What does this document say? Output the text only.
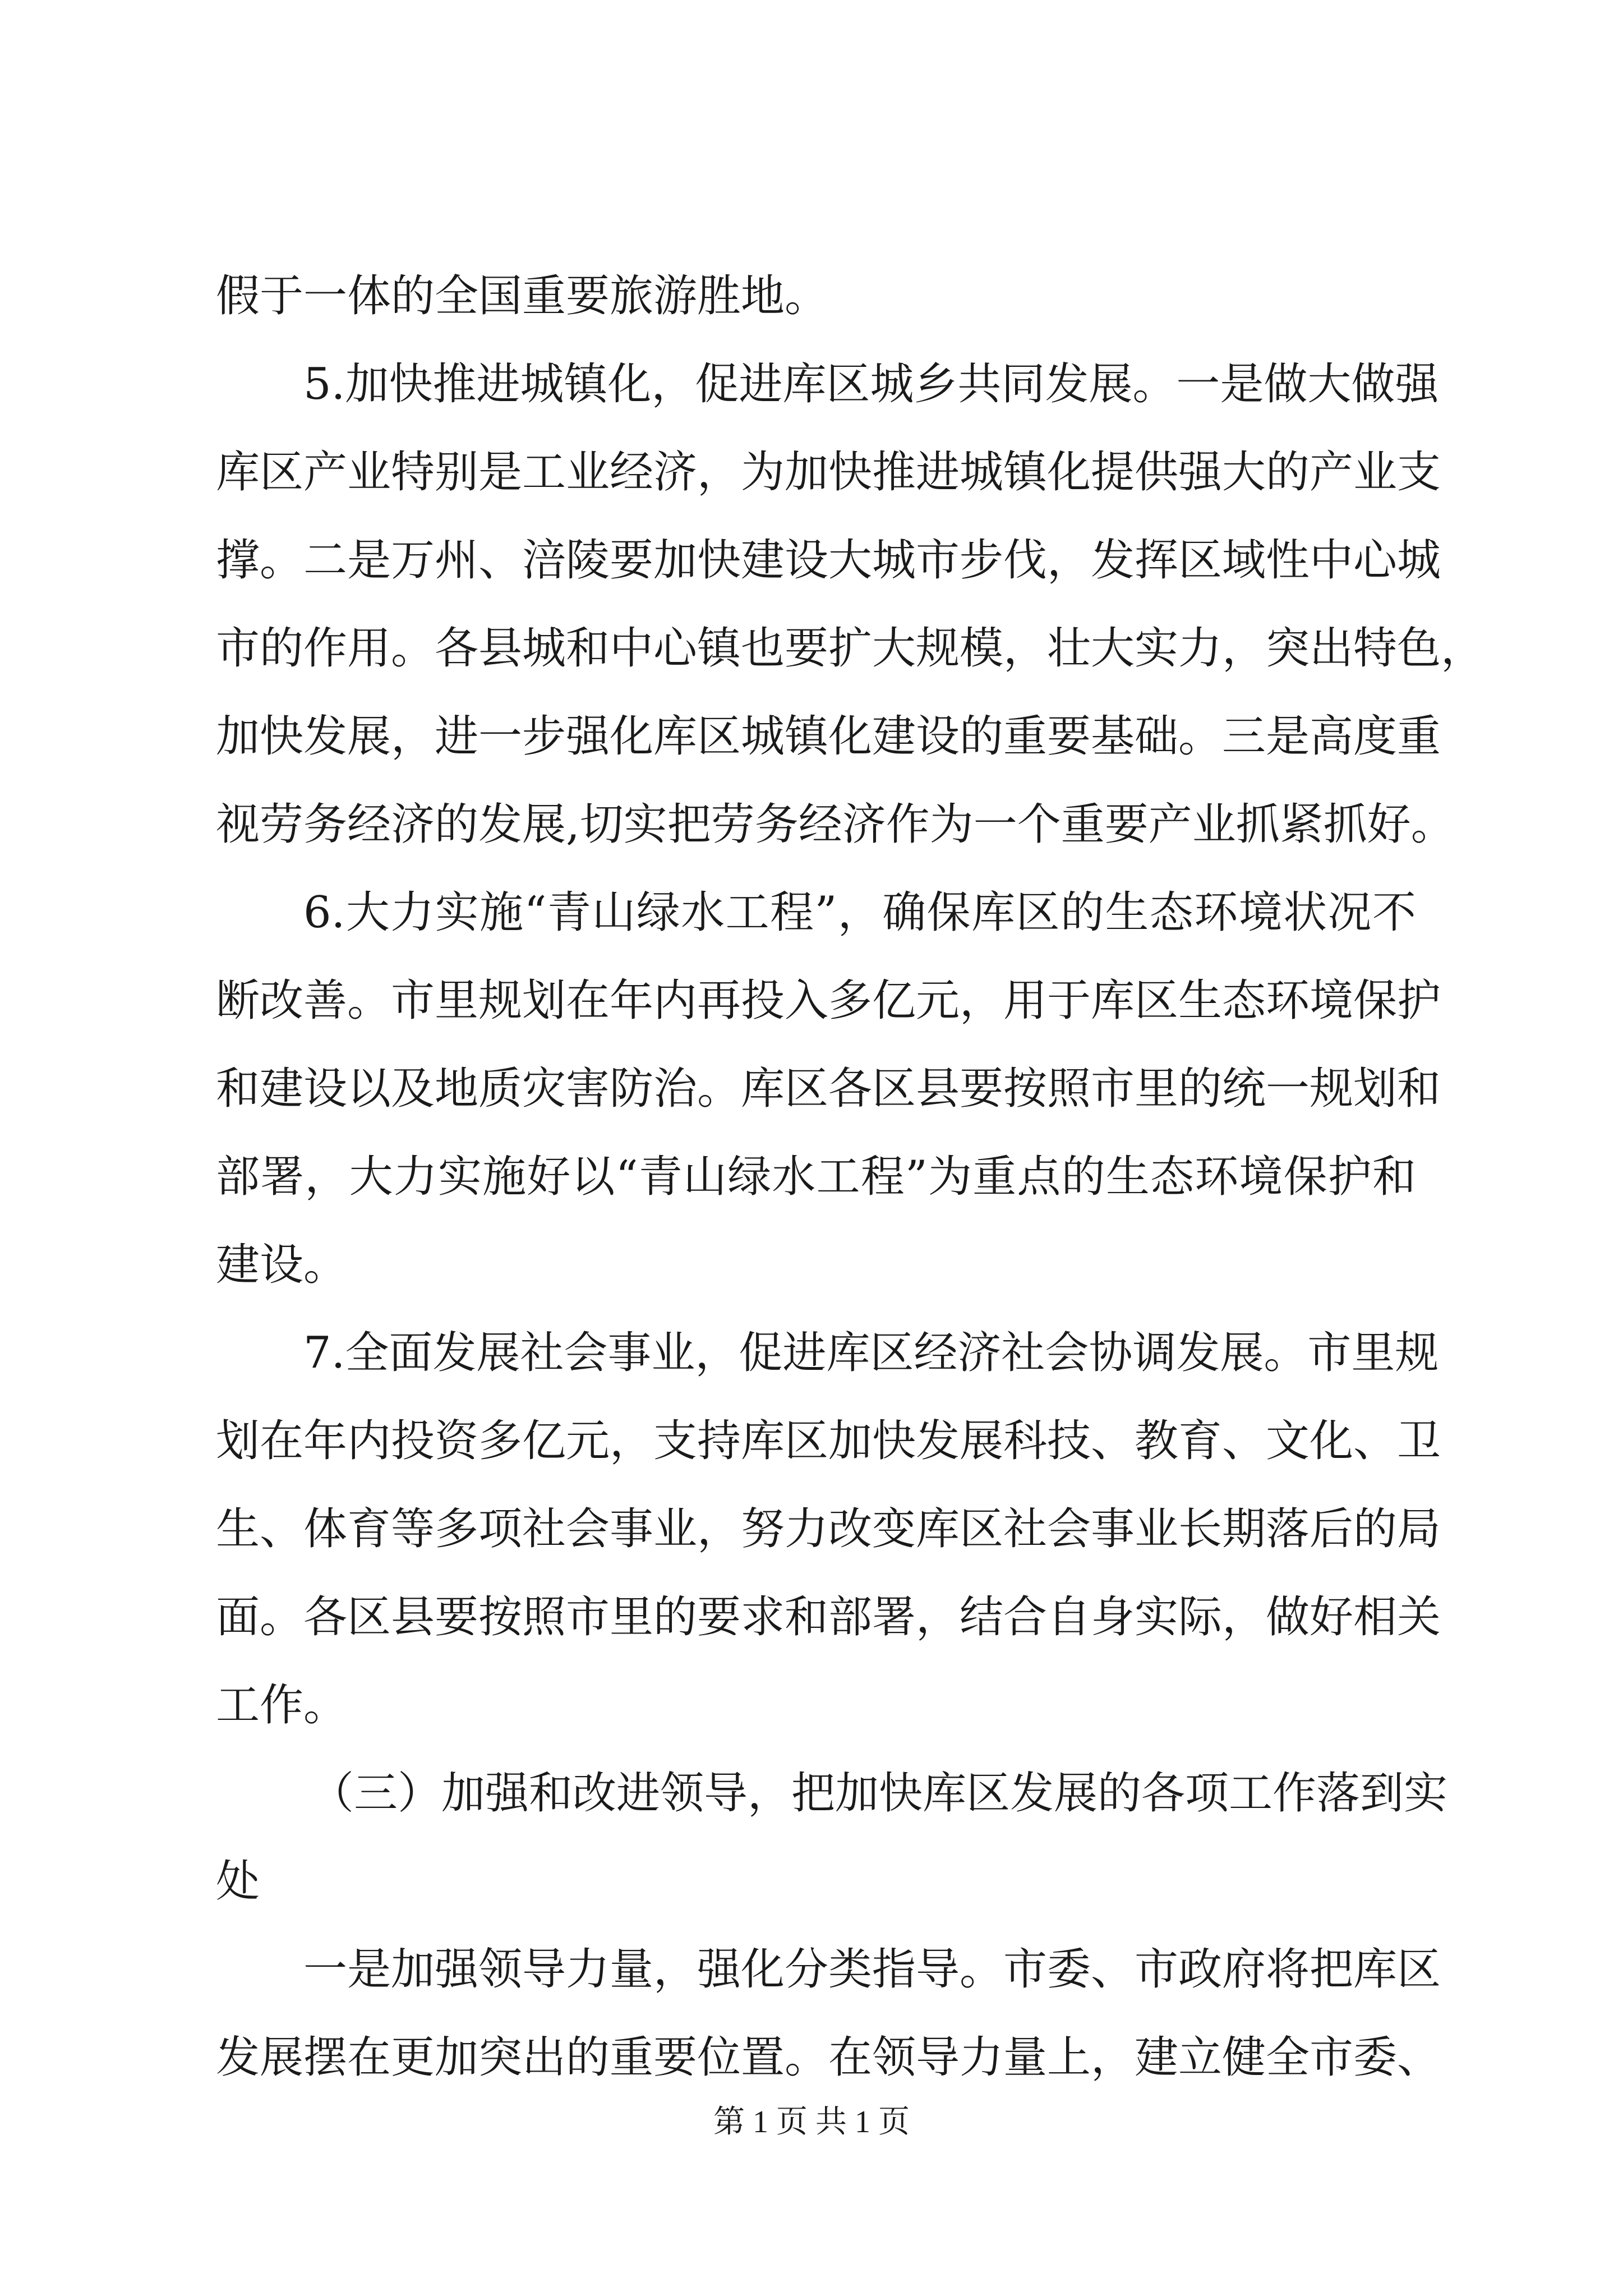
假于一体的全国重要旅游胜地。
5.加快推进城镇化，促进库区城乡共同发展。一是做大做强
库区产业特别是工业经济，为加快推进城镇化提供强大的产业支
撑。二是万州、涪陵要加快建设大城市步伐，发挥区域性中心城
市的作用。各县城和中心镇也要扩大规模，壮大实力，突出特色，
加快发展，进一步强化库区城镇化建设的重要基础。三是高度重
视劳务经济的发展,切实把劳务经济作为一个重要产业抓紧抓好。
6.大力实施“青山绿水工程”，确保库区的生态环境状况不
断改善。市里规划在年内再投入多亿元，用于库区生态环境保护
和建设以及地质灾害防治。库区各区县要按照市里的统一规划和
部署，大力实施好以“青山绿水工程”为重点的生态环境保护和
建设。
7.全面发展社会事业，促进库区经济社会协调发展。市里规
划在年内投资多亿元，支持库区加快发展科技、教育、文化、卫
生、体育等多项社会事业，努力改变库区社会事业长期落后的局
面。各区县要按照市里的要求和部署，结合自身实际，做好相关
工作。
（三）加强和改进领导，把加快库区发展的各项工作落到实
处
一是加强领导力量，强化分类指导。市委、市政府将把库区
发展摆在更加突出的重要位置。在领导力量上，建立健全市委、
第 1 页 共 1 页
